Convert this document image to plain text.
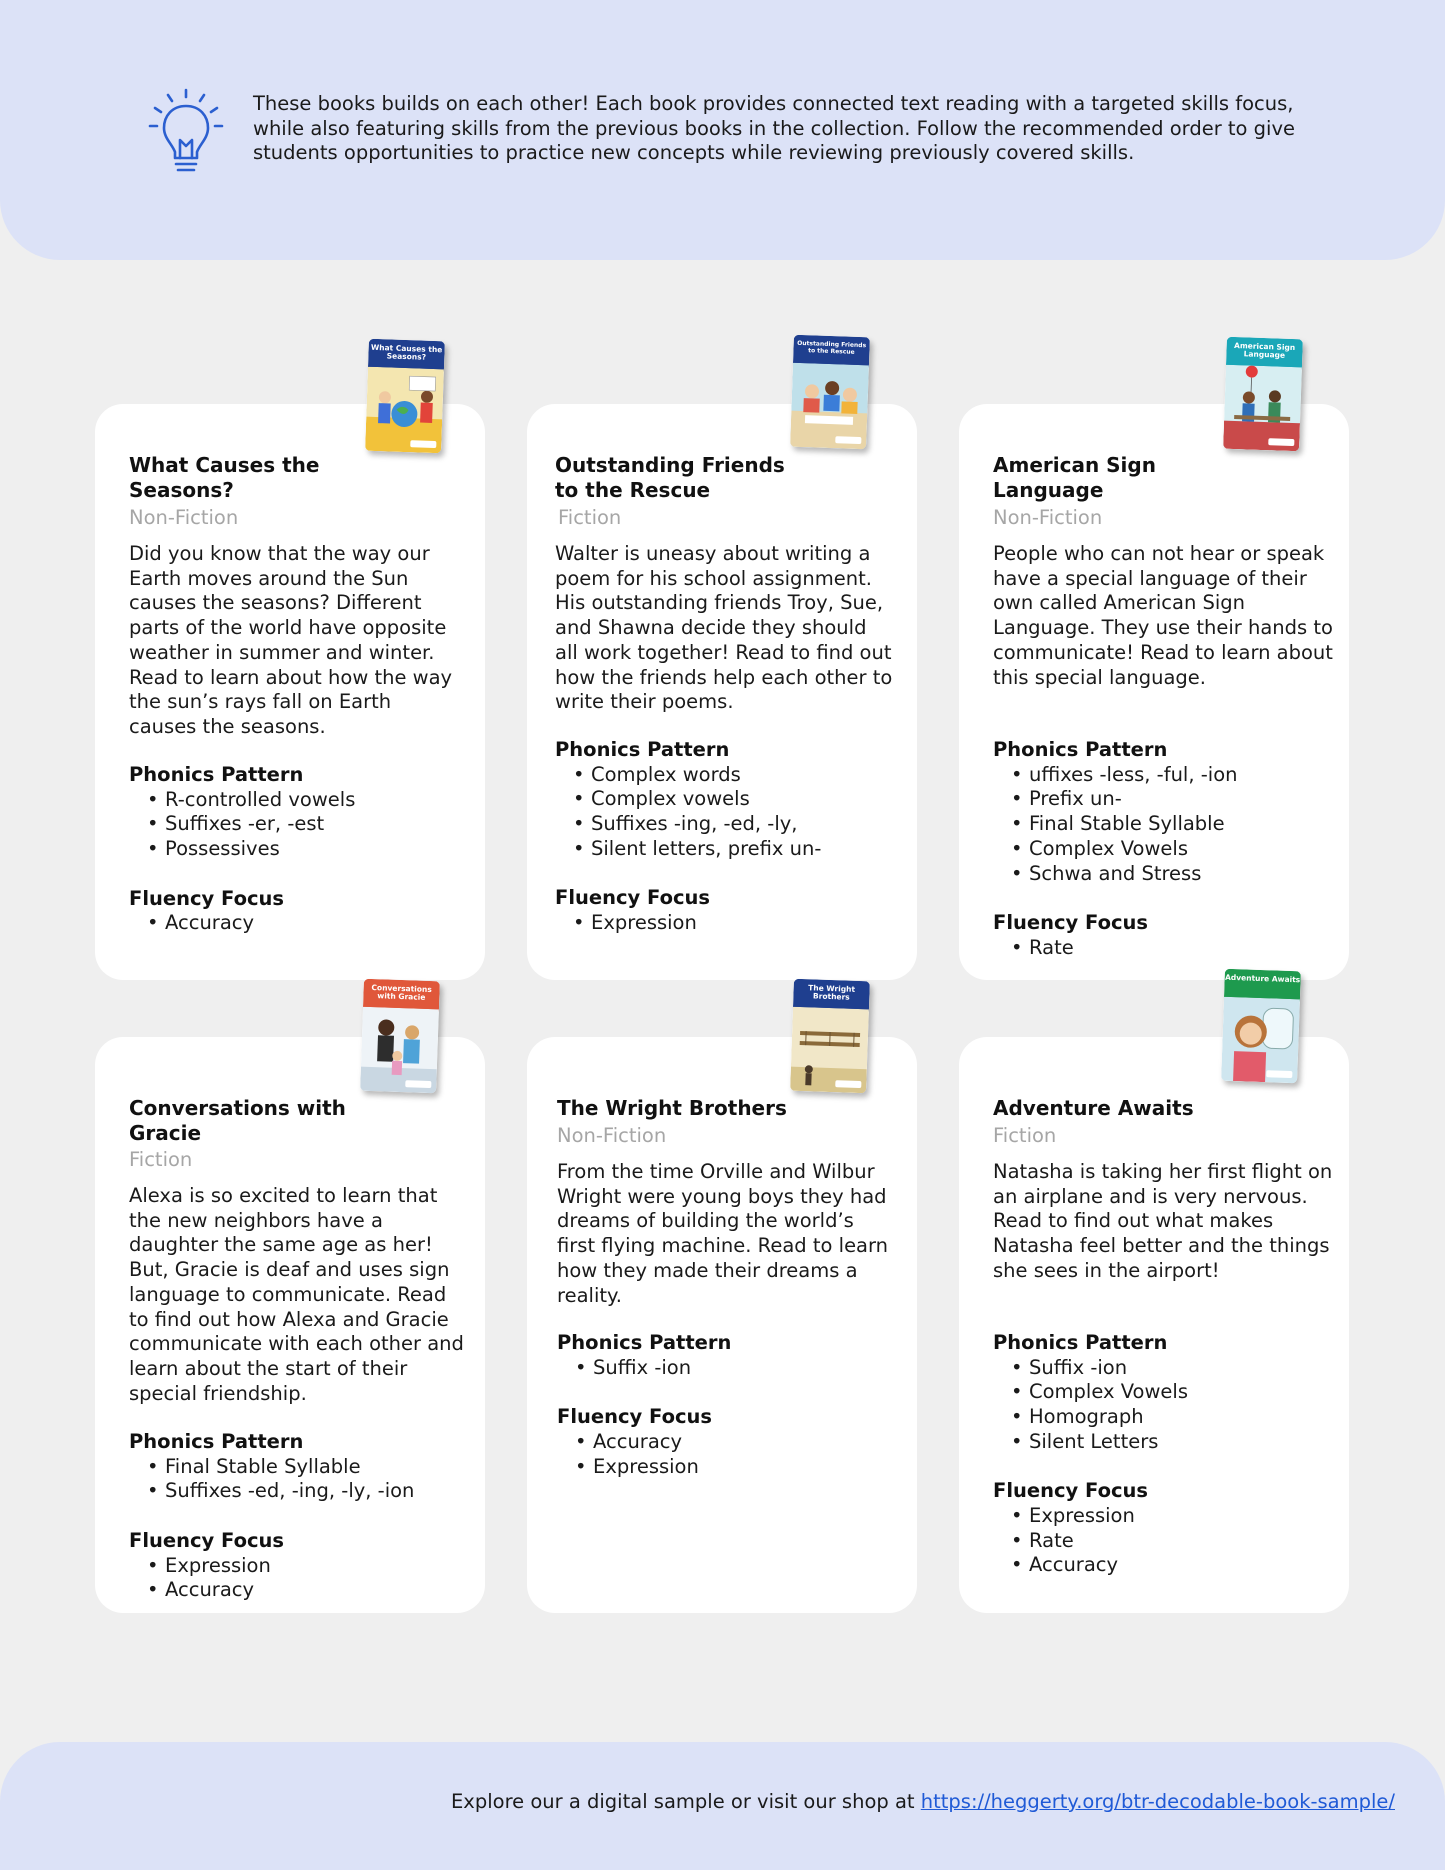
These books builds on each other! Each book provides connected text reading with a targeted skills focus, while also featuring skills from the previous books in the collection. Follow the recommended order to give students opportunities to practice new concepts while reviewing previously covered skills.
What Causes the Seasons?
What Causes the Seasons?
Non-Fiction
Did you know that the way our Earth moves around the Sun causes the seasons? Different parts of the world have opposite weather in summer and winter. Read to learn about how the way the sun’s rays fall on Earth causes the seasons.
Phonics Pattern
• R-controlled vowels
• Suffixes -er, -est
• Possessives
Fluency Focus
• Accuracy
Outstanding Friends to the Rescue
Outstanding Friends to the Rescue
Fiction
Walter is uneasy about writing a poem for his school assignment. His outstanding friends Troy, Sue, and Shawna decide they should all work together! Read to find out how the friends help each other to write their poems.
Phonics Pattern
• Complex words
• Complex vowels
• Suffixes -ing, -ed, -ly,
• Silent letters, prefix un-
Fluency Focus
• Expression
American Sign Language
American Sign Language
Non-Fiction
People who can not hear or speak have a special language of their own called American Sign Language. They use their hands to communicate! Read to learn about this special language.
Phonics Pattern
• uffixes -less, -ful, -ion
• Prefix un-
• Final Stable Syllable
• Complex Vowels
• Schwa and Stress
Fluency Focus
• Rate
Conversations with Gracie
Conversations with Gracie
Fiction
Alexa is so excited to learn that the new neighbors have a daughter the same age as her! But, Gracie is deaf and uses sign language to communicate. Read to find out how Alexa and Gracie communicate with each other and learn about the start of their special friendship.
Phonics Pattern
• Final Stable Syllable
• Suffixes -ed, -ing, -ly, -ion
Fluency Focus
• Expression
• Accuracy
The Wright Brothers
The Wright Brothers
Non-Fiction
From the time Orville and Wilbur Wright were young boys they had dreams of building the world’s first flying machine. Read to learn how they made their dreams a reality.
Phonics Pattern
• Suffix -ion
Fluency Focus
• Accuracy
• Expression
Adventure Awaits
Adventure Awaits
Fiction
Natasha is taking her first flight on an airplane and is very nervous. Read to find out what makes Natasha feel better and the things she sees in the airport!
Phonics Pattern
• Suffix -ion
• Complex Vowels
• Homograph
• Silent Letters
Fluency Focus
• Expression
• Rate
• Accuracy
Explore our a digital sample or visit our shop at https://heggerty.org/btr-decodable-book-sample/
